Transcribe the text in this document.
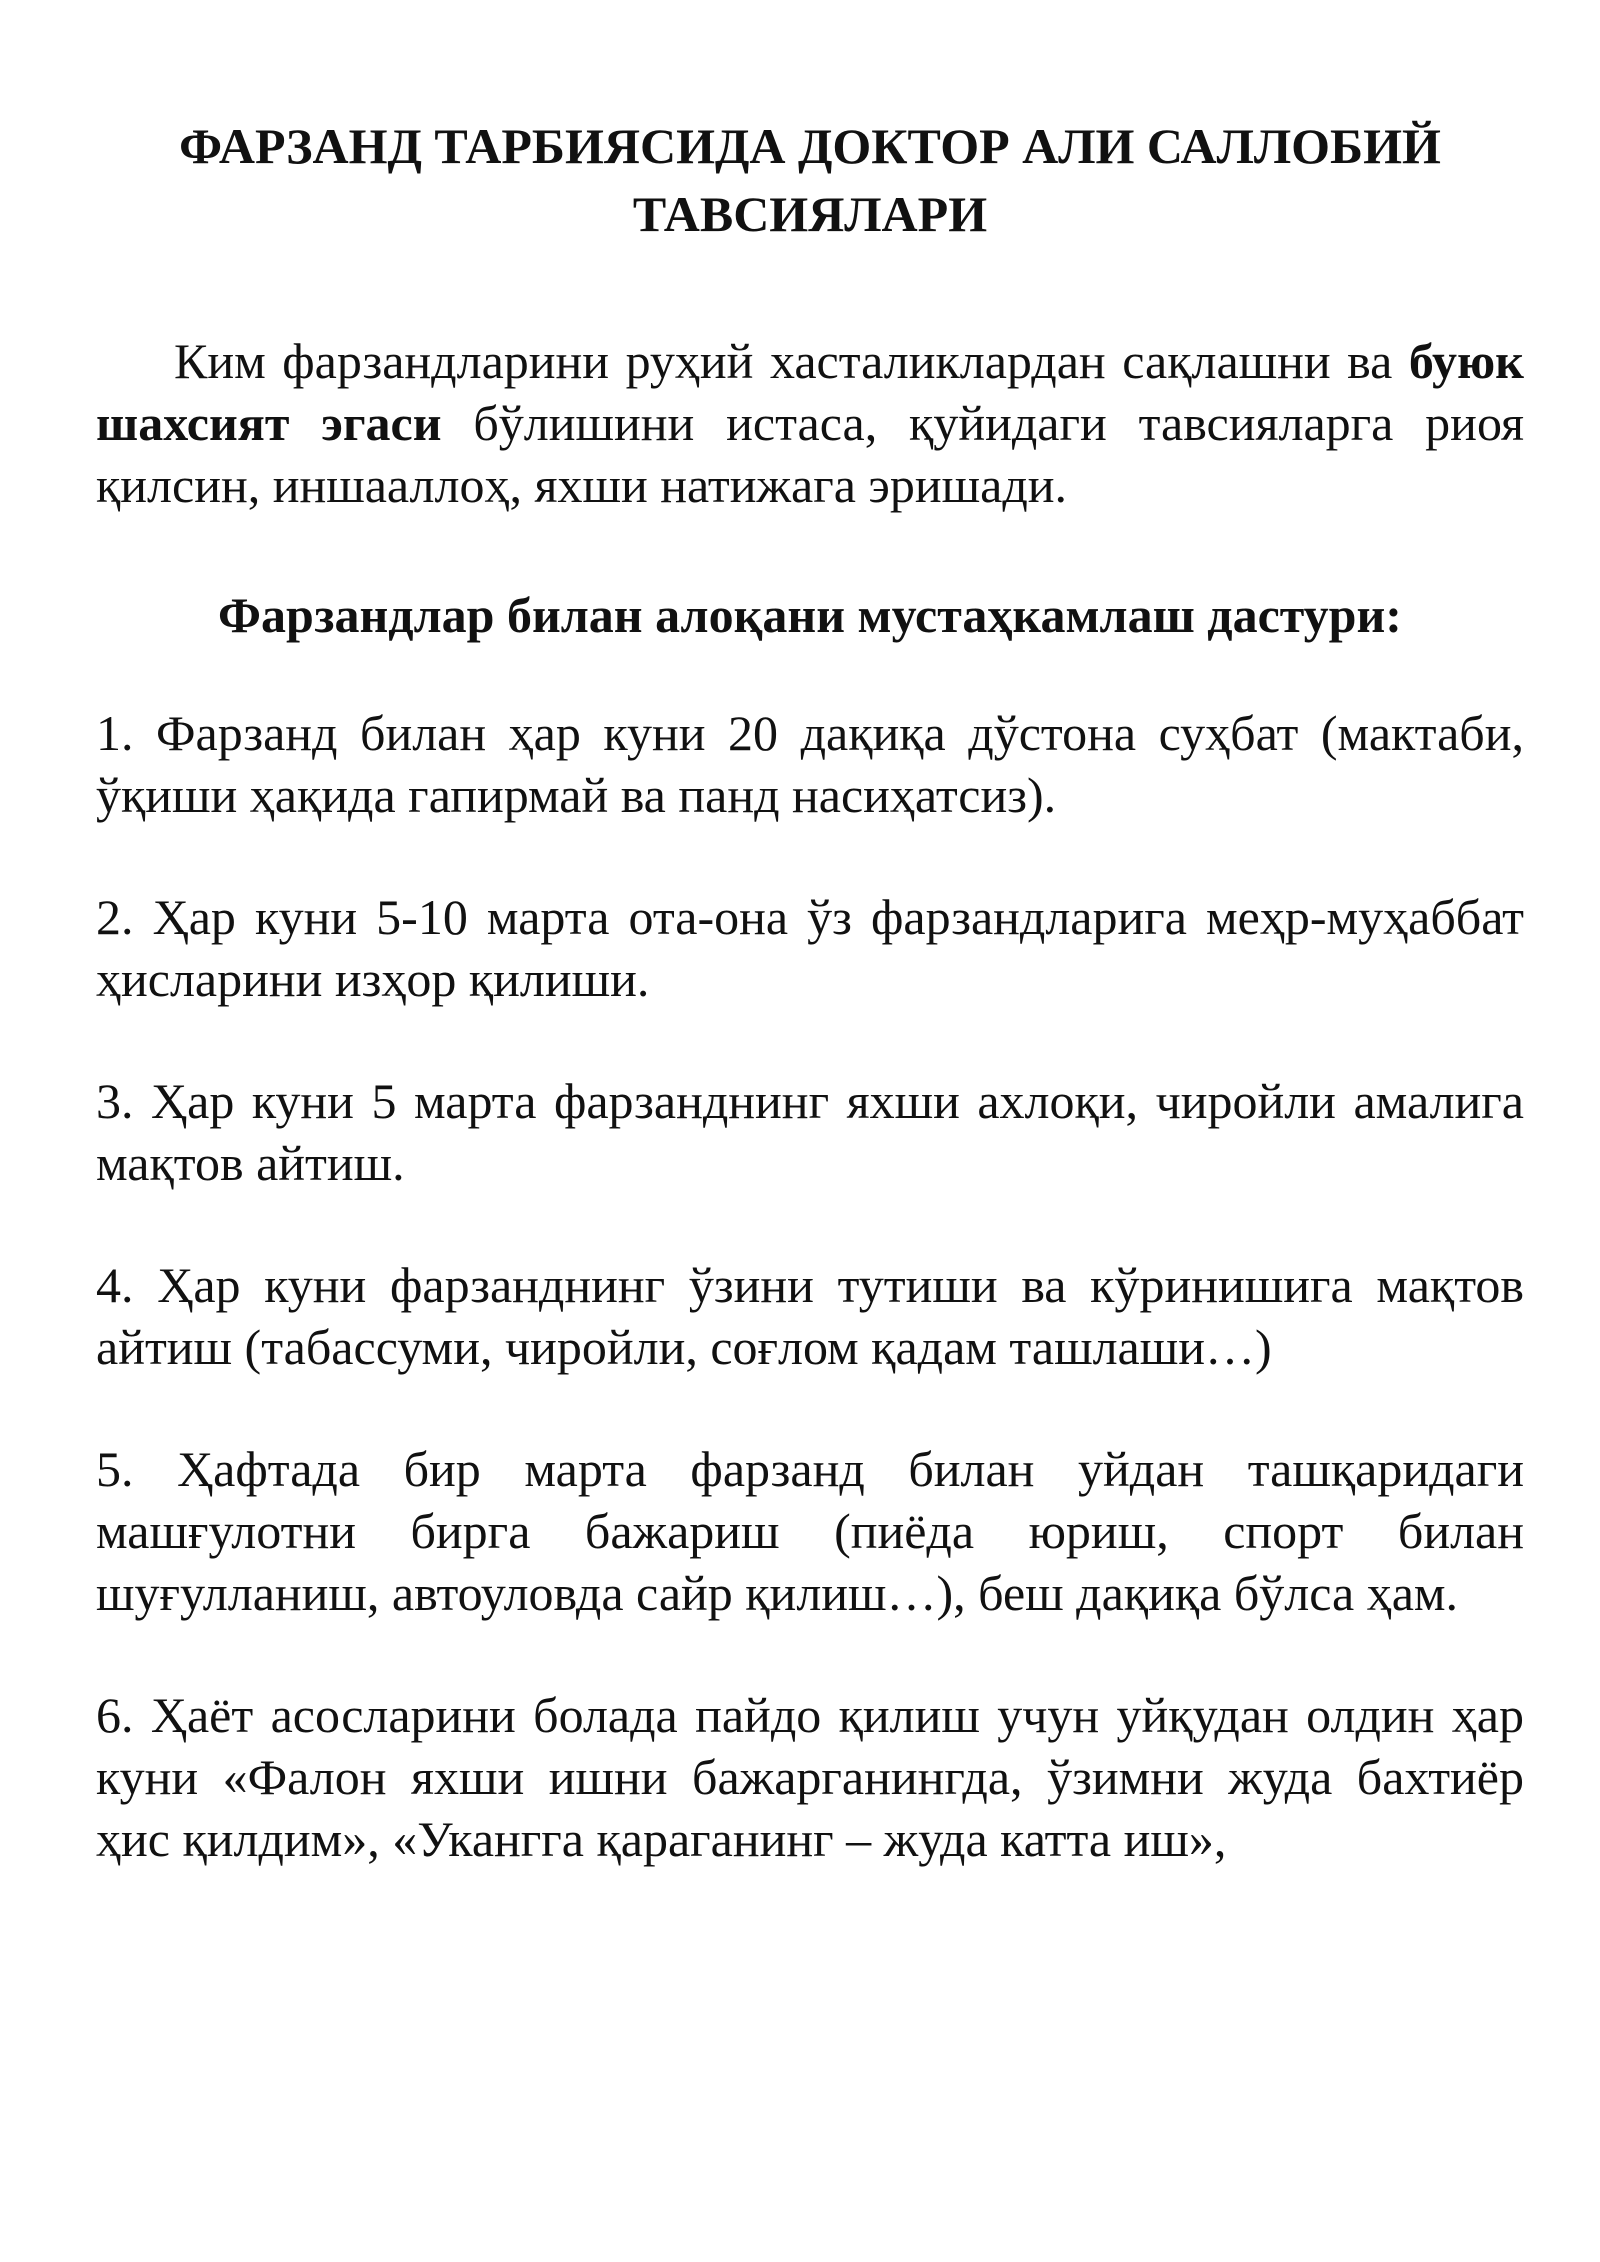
ФАРЗАНД ТАРБИЯСИДА ДОКТОР АЛИ САЛЛОБИЙ
ТАВСИЯЛАРИ

Ким фарзандларини руҳий хасталиклардан сақлашни ва буюк шахсият эгаси бўлишини истаса, қуйидаги тавсияларга риоя қилсин, иншааллоҳ, яхши натижага эришади.

Фарзандлар билан алоқани мустаҳкамлаш дастури:

1. Фарзанд билан ҳар куни 20 дақиқа дўстона суҳбат (мактаби, ўқиши ҳақида гапирмай ва панд насиҳатсиз).

2. Ҳар куни 5-10 марта ота-она ўз фарзандларига меҳр-муҳаббат ҳисларини изҳор қилиши.

3. Ҳар куни 5 марта фарзанднинг яхши ахлоқи, чиройли амалига мақтов айтиш.

4. Ҳар куни фарзанднинг ўзини тутиши ва кўринишига мақтов айтиш (табассуми, чиройли, соғлом қадам ташлаши…)

5. Ҳафтада бир марта фарзанд билан уйдан ташқаридаги машғулотни бирга бажариш (пиёда юриш, спорт билан шуғулланиш, автоуловда сайр қилиш…), беш дақиқа бўлса ҳам.

6. Ҳаёт асосларини болада пайдо қилиш учун уйқудан олдин ҳар куни «Фалон яхши ишни бажарганингда, ўзимни жуда бахтиёр ҳис қилдим», «Укангга қараганинг – жуда катта иш»,
